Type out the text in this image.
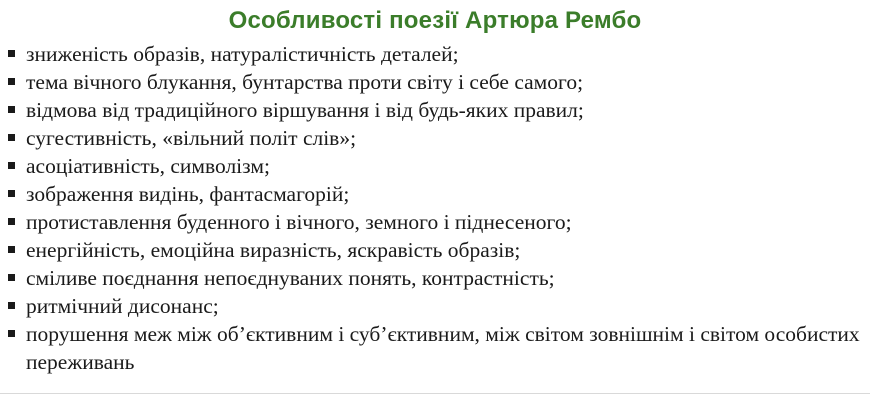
Особливості поезії Артюра Рембо
зниженість образів, натуралістичність деталей;
тема вічного блукання, бунтарства проти світу і себе самого;
відмова від традиційного віршування і від будь-яких правил;
сугестивність, «вільний політ слів»;
асоціативність, символізм;
зображення видінь, фантасмагорій;
протиставлення буденного і вічного, земного і піднесеного;
енергійність, емоційна виразність, яскравість образів;
сміливе поєднання непоєднуваних понять, контрастність;
ритмічний дисонанс;
порушення меж між об’єктивним і суб’єктивним, між світом зовнішнім і світом особистих переживань
